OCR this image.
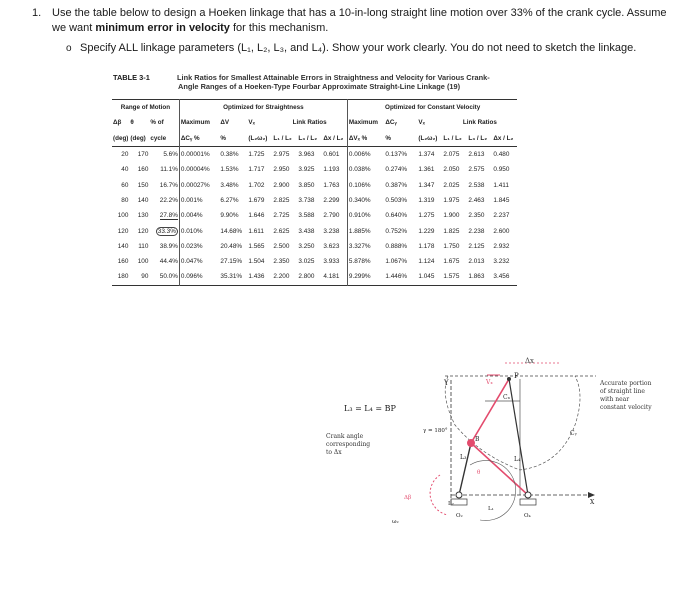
1. Use the table below to design a Hoeken linkage that has a 10-in-long straight line motion over 33% of the crank cycle. Assume we want minimum error in velocity for this mechanism.
o Specify ALL linkage parameters (L₁, L₂, L₃, and L₄). Show your work clearly. You do not need to sketch the linkage.
TABLE 3-1	Link Ratios for Smallest Attainable Errors in Straightness and Velocity for Various Crank-
Angle Ranges of a Hoeken-Type Fourbar Approximate Straight-Line Linkage (19)
Range of Motion			Optimized for Straightness						Optimized for Constant Velocity					
Δβ	θ	% of	Maximum	ΔV	Vₓ	Link Ratios			Maximum	ΔCᵧ	Vₓ	Link Ratios		
(deg)	(deg)	cycle	ΔCᵧ %	%	(L₂ω₂)	L₁ / L₂	L₃ / L₂	Δx / L₂	ΔVₓ %	%	(L₂ω₂)	L₁ / L₂	L₃ / L₂	Δx / L₂
20	170	5.6%	0.00001%	0.38%	1.725	2.975	3.963	0.601	0.006%	0.137%	1.374	2.075	2.613	0.480
40	160	11.1%	0.00004%	1.53%	1.717	2.950	3.925	1.193	0.038%	0.274%	1.361	2.050	2.575	0.950
60	150	16.7%	0.00027%	3.48%	1.702	2.900	3.850	1.763	0.106%	0.387%	1.347	2.025	2.538	1.411
80	140	22.2%	0.001%	6.27%	1.679	2.825	3.738	2.299	0.340%	0.503%	1.319	1.975	2.463	1.845
100	130	27.8%	0.004%	9.90%	1.646	2.725	3.588	2.790	0.910%	0.640%	1.275	1.900	2.350	2.237
120	120	33.3%	0.010%	14.68%	1.611	2.625	3.438	3.238	1.885%	0.752%	1.229	1.825	2.238	2.600
140	110	38.9%	0.023%	20.48%	1.565	2.500	3.250	3.623	3.327%	0.888%	1.178	1.750	2.125	2.932
160	100	44.4%	0.047%	27.15%	1.504	2.350	3.025	3.933	5.878%	1.067%	1.124	1.675	2.013	3.232
180	90	50.0%	0.096%	35.31%	1.436	2.200	2.800	4.181	9.299%	1.446%	1.045	1.575	1.863	3.456
L₃ = L₄ = BP
Crank angle
corresponding
to Δx
Accurate portion
of straight line
with near
constant velocity
Δx
P
Y	Vₓ
Cₓ
Cᵧ
γ = 180°
B
L₃	L₄
L₂
L₁
O₂	O₄
X
Δβ
θ
ω₂
